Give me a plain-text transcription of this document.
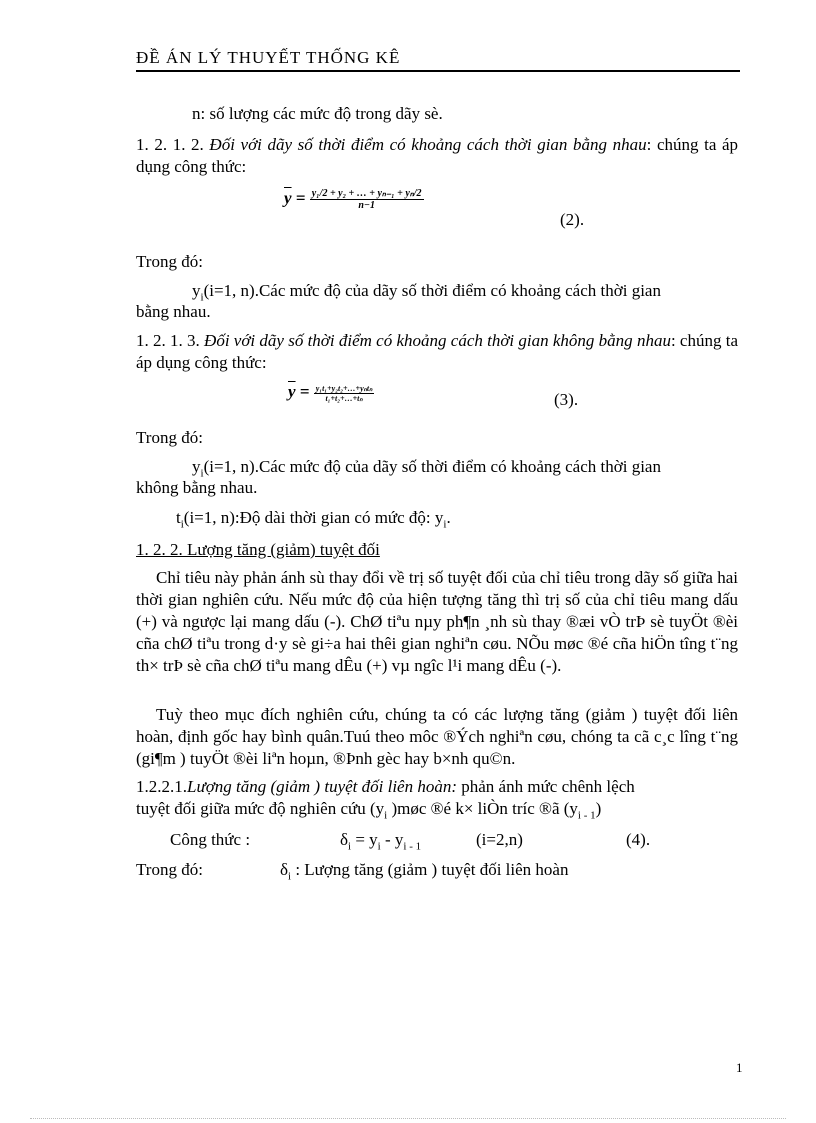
ĐỀ ÁN LÝ THUYẾT THỐNG KÊ
n: số lượng các mức độ trong dãy sè.
1. 2. 1. 2. Đối với dãy số thời điểm có khoảng cách thời gian bằng nhau: chúng ta áp dụng công thức:
$\overline{y} = \frac{\text{y₁/2 + y₂ + … + yₙ₋₁ + yₙ/2}}{n-1}$
(2).
Trong đó:
$y_i(i=1$, n).Các mức độ của dãy số thời điểm có khoảng cách thời gian
bằng nhau.
1. 2. 1. 3. Đối với dãy số thời điểm có khoảng cách thời gian không bằng nhau: chúng ta áp dụng công thức:
$\overline{y} = \frac{\text{y₁t₁+y₂t₂+…+yₙtₙ}}{\text{t₁+t₂+…+tₙ}}$	(3).
Trong đó:
$y_i(i=1$, n).Các mức độ của dãy số thời điểm có khoảng cách thời gian
không bằng nhau.
$t_i(i=1$, n):Độ dài thời gian có mức độ: $y_i$.
1. 2. 2. Lượng tăng (giảm) tuyệt đối
Chỉ tiêu này phản ánh sù thay đổi về trị số tuyệt đối của chỉ tiêu trong dãy số giữa hai thời gian nghiên cứu. Nếu mức độ của hiện tượng tăng thì trị số của chỉ tiêu mang dấu (+) và ngược lại mang dấu (-). ChØ tiªu nµy ph¶n ¸nh sù thay ®æi vÒ trÞ sè tuyÖt ®èi cña chØ tiªu trong d·y sè gi÷a hai thêi gian nghiªn cøu. NÕu møc ®é cña hiÖn tîng t¨ng th× trÞ sè cña chØ tiªu mang dÊu (+) vµ ngîc l¹i mang dÊu (-).
Tuỳ theo mục đích nghiên cứu, chúng ta có các lượng tăng (giảm ) tuyệt đối liên hoàn, định gốc hay bình quân.Tuú theo môc ®Ých nghiªn cøu, chóng ta cã c¸c lîng t¨ng (gi¶m ) tuyÖt ®èi liªn hoµn, ®Þnh gèc hay b×nh qu©n.
1.2.2.1.Lượng tăng (giảm ) tuyệt đối liên hoàn: phản ánh mức chênh lệch
tuyệt đối giữa mức độ nghiên cứu ($y_i$ )møc ®é k× liÒn tríc ®ã $(y_{i - 1})$
Công thức :	$\delta_i = y_i - y_{i - 1}$	(i=2,n)	(4).
Trong đó:	$\delta_i$ : Lượng tăng (giảm ) tuyệt đối liên hoàn
1
